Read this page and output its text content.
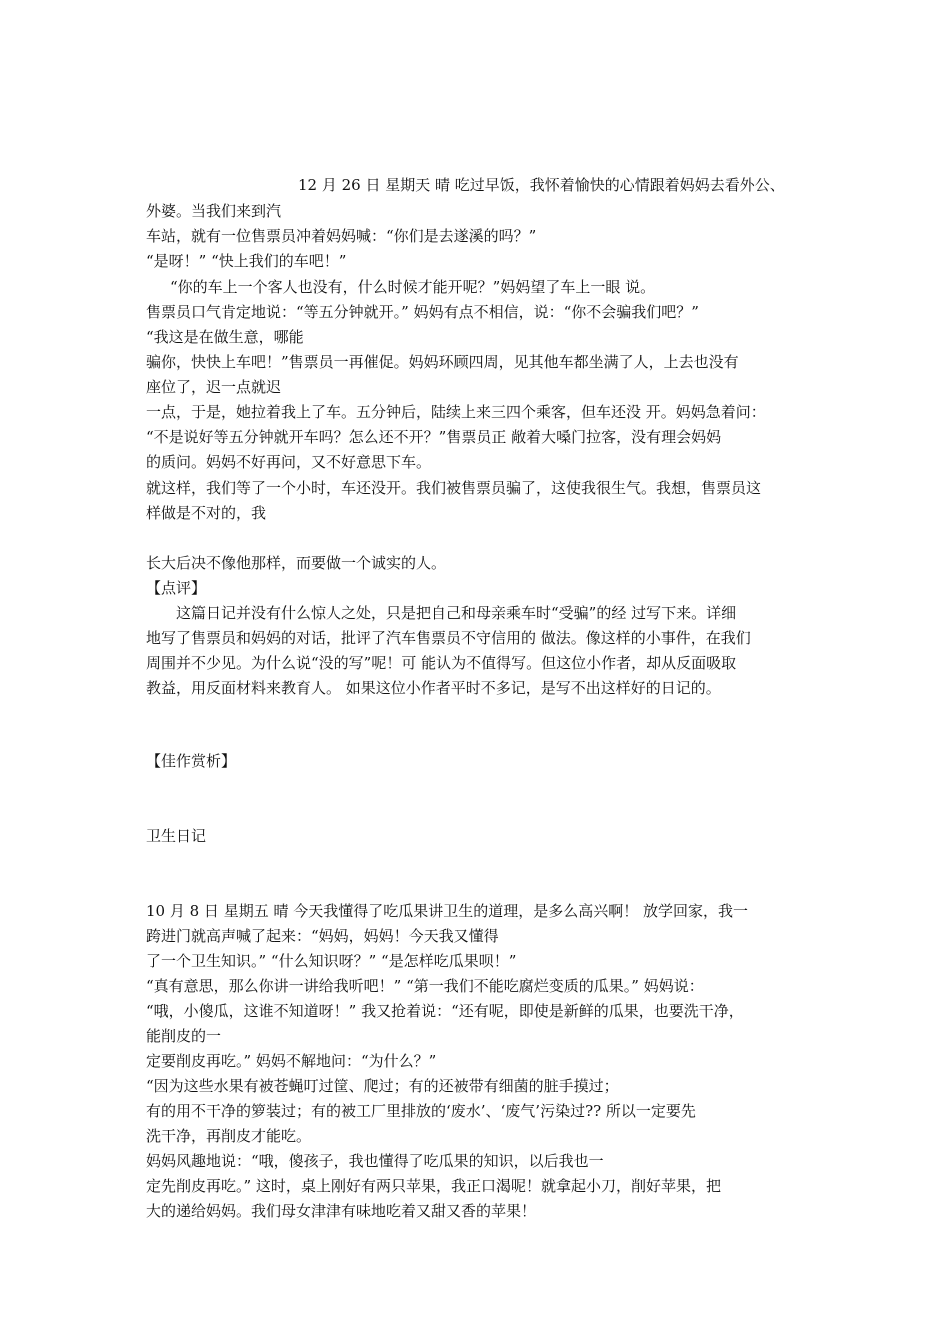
12 月 26 日 星期天 晴 吃过早饭，我怀着愉快的心情跟着妈妈去看外公、
外婆。当我们来到汽
车站，就有一位售票员冲着妈妈喊：“你们是去遂溪的吗？”
“是呀！” “快上我们的车吧！”
“你的车上一个客人也没有，什么时候才能开呢？”妈妈望了车上一眼 说。
售票员口气肯定地说：“等五分钟就开。” 妈妈有点不相信，说：“你不会骗我们吧？”
“我这是在做生意，哪能
骗你，快快上车吧！”售票员一再催促。妈妈环顾四周，见其他车都坐满了人，上去也没有
座位了，迟一点就迟
一点，于是，她拉着我上了车。五分钟后，陆续上来三四个乘客，但车还没 开。妈妈急着问：
“不是说好等五分钟就开车吗？怎么还不开？”售票员正 敞着大嗓门拉客，没有理会妈妈
的质问。妈妈不好再问，又不好意思下车。
就这样，我们等了一个小时，车还没开。我们被售票员骗了，这使我很生气。我想，售票员这
样做是不对的，我
长大后决不像他那样，而要做一个诚实的人。
【点评】
这篇日记并没有什么惊人之处，只是把自己和母亲乘车时“受骗”的经 过写下来。详细
地写了售票员和妈妈的对话，批评了汽车售票员不守信用的 做法。像这样的小事件，在我们
周围并不少见。为什么说“没的写”呢！可 能认为不值得写。但这位小作者，却从反面吸取
教益，用反面材料来教育人。 如果这位小作者平时不多记，是写不出这样好的日记的。
【佳作赏析】
卫生日记
10 月 8 日 星期五 晴 今天我懂得了吃瓜果讲卫生的道理，是多么高兴啊！ 放学回家，我一
跨进门就高声喊了起来：“妈妈，妈妈！今天我又懂得
了一个卫生知识。” “什么知识呀？” “是怎样吃瓜果呗！”
“真有意思，那么你讲一讲给我听吧！” “第一我们不能吃腐烂变质的瓜果。” 妈妈说：
“哦，小傻瓜，这谁不知道呀！” 我又抢着说：“还有呢，即使是新鲜的瓜果，也要洗干净，
能削皮的一
定要削皮再吃。” 妈妈不解地问：“为什么？”
“因为这些水果有被苍蝇叮过筐、爬过；有的还被带有细菌的脏手摸过；
有的用不干净的箩装过；有的被工厂里排放的‘废水’、‘废气’污染过?? 所以一定要先
洗干净，再削皮才能吃。
妈妈风趣地说：“哦，傻孩子，我也懂得了吃瓜果的知识，以后我也一
定先削皮再吃。” 这时，桌上刚好有两只苹果，我正口渴呢！就拿起小刀，削好苹果，把
大的递给妈妈。我们母女津津有味地吃着又甜又香的苹果！
